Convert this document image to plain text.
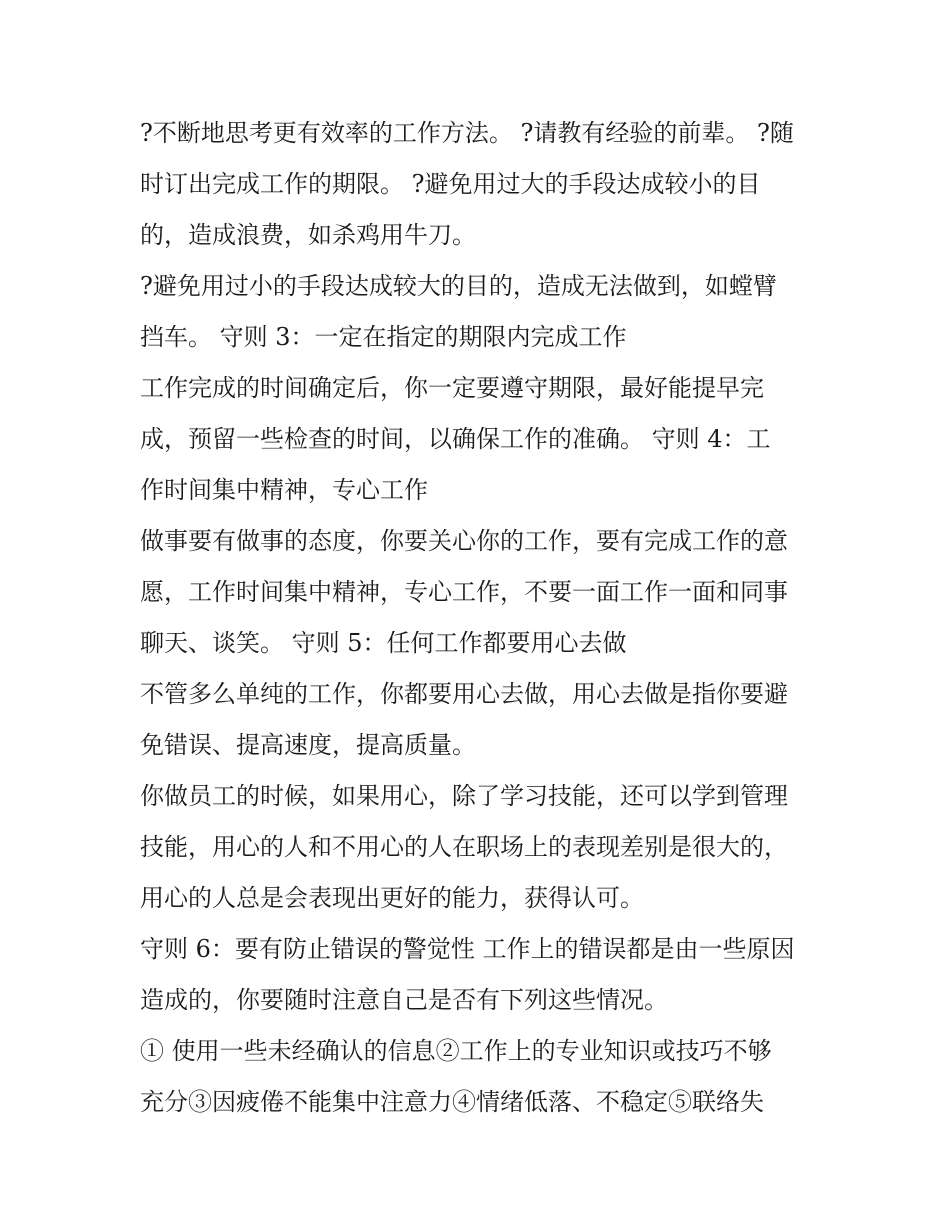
?不断地思考更有效率的工作方法。 ?请教有经验的前辈。 ?随
时订出完成工作的期限。 ?避免用过大的手段达成较小的目
的，造成浪费，如杀鸡用牛刀。
?避免用过小的手段达成较大的目的，造成无法做到，如螳臂
挡车。 守则 3：一定在指定的期限内完成工作
工作完成的时间确定后，你一定要遵守期限，最好能提早完
成，预留一些检查的时间，以确保工作的准确。 守则 4：工
作时间集中精神，专心工作
做事要有做事的态度，你要关心你的工作，要有完成工作的意
愿，工作时间集中精神，专心工作，不要一面工作一面和同事
聊天、谈笑。 守则 5：任何工作都要用心去做
不管多么单纯的工作，你都要用心去做，用心去做是指你要避
免错误、提高速度，提高质量。
你做员工的时候，如果用心，除了学习技能，还可以学到管理
技能，用心的人和不用心的人在职场上的表现差别是很大的，
用心的人总是会表现出更好的能力，获得认可。
守则 6：要有防止错误的警觉性 工作上的错误都是由一些原因
造成的，你要随时注意自己是否有下列这些情况。
① 使用一些未经确认的信息②工作上的专业知识或技巧不够
充分③因疲倦不能集中注意力④情绪低落、不稳定⑤联络失
